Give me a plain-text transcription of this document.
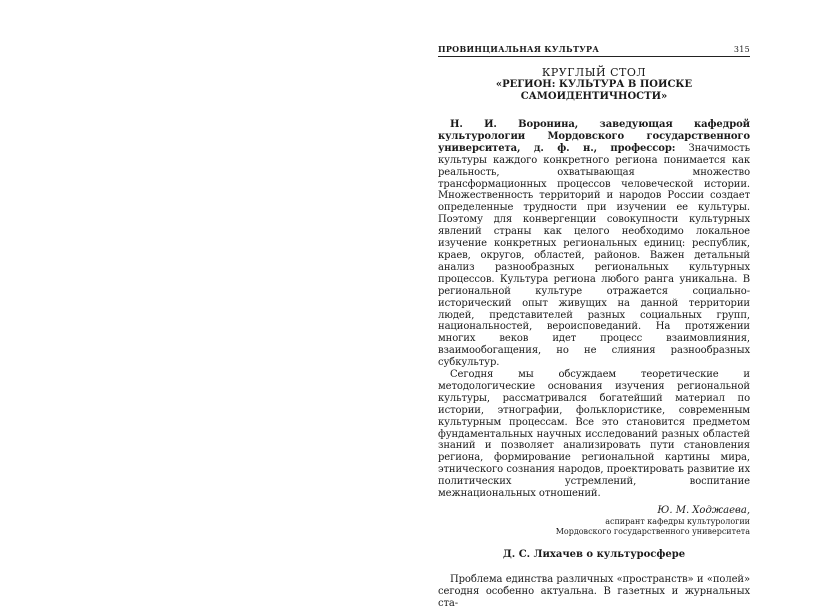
ПРОВИНЦИАЛЬНАЯ КУЛЬТУРА	315
КРУГЛЫЙ СТОЛ
«РЕГИОН: КУЛЬТУРА В ПОИСКЕ
САМОИДЕНТИЧНОСТИ»

Н. И. Воронина, заведующая кафедрой культурологии Мордовского государственного университета, д. ф. н., профессор: Значимость культуры каждого конкретного региона понимается как реальность, охватывающая множество трансформационных процессов человеческой истории. Множественность территорий и народов России создает определенные трудности при изучении ее культуры. Поэтому для конвергенции совокупности культурных явлений страны как целого необходимо локальное изучение конкретных региональных единиц: республик, краев, округов, областей, районов. Важен детальный анализ разнообразных региональных культурных процессов. Культура региона любого ранга уникальна. В региональной культуре отражается социально-исторический опыт живущих на данной территории людей, представителей разных социальных групп, национальностей, вероисповеданий. На протяжении многих веков идет процесс взаимовлияния, взаимообогащения, но не слияния разнообразных субкультур.

Сегодня мы обсуждаем теоретические и методологические основания изучения региональной культуры, рассматривался богатейший материал по истории, этнографии, фольклористике, современным культурным процессам. Все это становится предметом фундаментальных научных исследований разных областей знаний и позволяет анализировать пути становления региона, формирование региональной картины мира, этнического сознания народов, проектировать развитие их политических устремлений, воспитание межнациональных отношений.

Ю. М. Ходжаева,
аспирант кафедры культурологии
Мордовского государственного университета
Д. С. Лихачев о культуросфере

Проблема единства различных «пространств» и «полей» сегодня особенно актуальна. В газетных и журнальных ста-
